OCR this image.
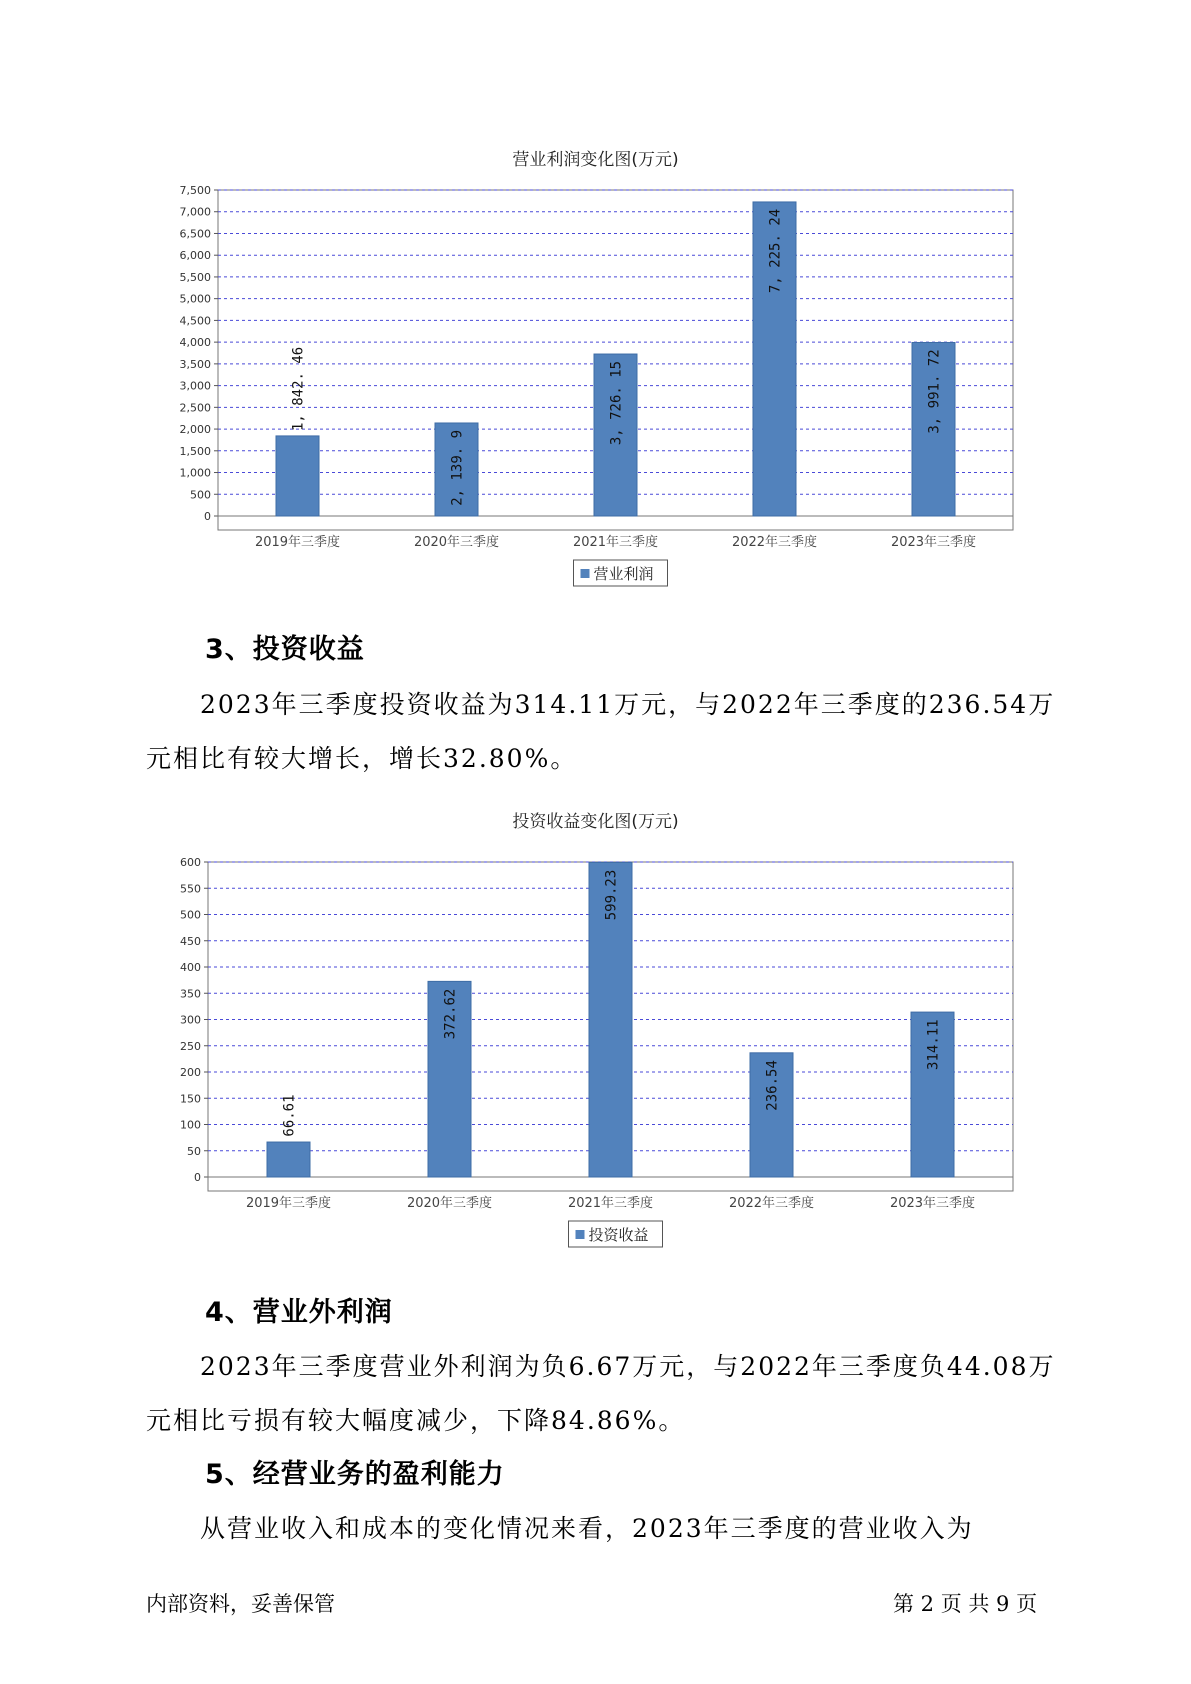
营业利润变化图(万元)
0
500
1,000
1,500
2,000
2,500
3,000
3,500
4,000
4,500
5,000
5,500
6,000
6,500
7,000
7,500
1, 842. 46
2019年三季度
2, 139. 9
2020年三季度
3, 726. 15
2021年三季度
7, 225. 24
2022年三季度
3, 991. 72
2023年三季度
营业利润
3、投资收益

2023年三季度投资收益为314.11万元，与2022年三季度的236.54万元相比有较大增长，增长32.80%。

投资收益变化图(万元)
0
50
100
150
200
250
300
350
400
450
500
550
600
66.61
2019年三季度
372.62
2020年三季度
599.23
2021年三季度
236.54
2022年三季度
314.11
2023年三季度
投资收益
4、营业外利润

2023年三季度营业外利润为负6.67万元，与2022年三季度负44.08万元相比亏损有较大幅度减少，下降84.86%。

5、经营业务的盈利能力

从营业收入和成本的变化情况来看，2023年三季度的营业收入为

内部资料，妥善保管	第 2 页 共 9 页
